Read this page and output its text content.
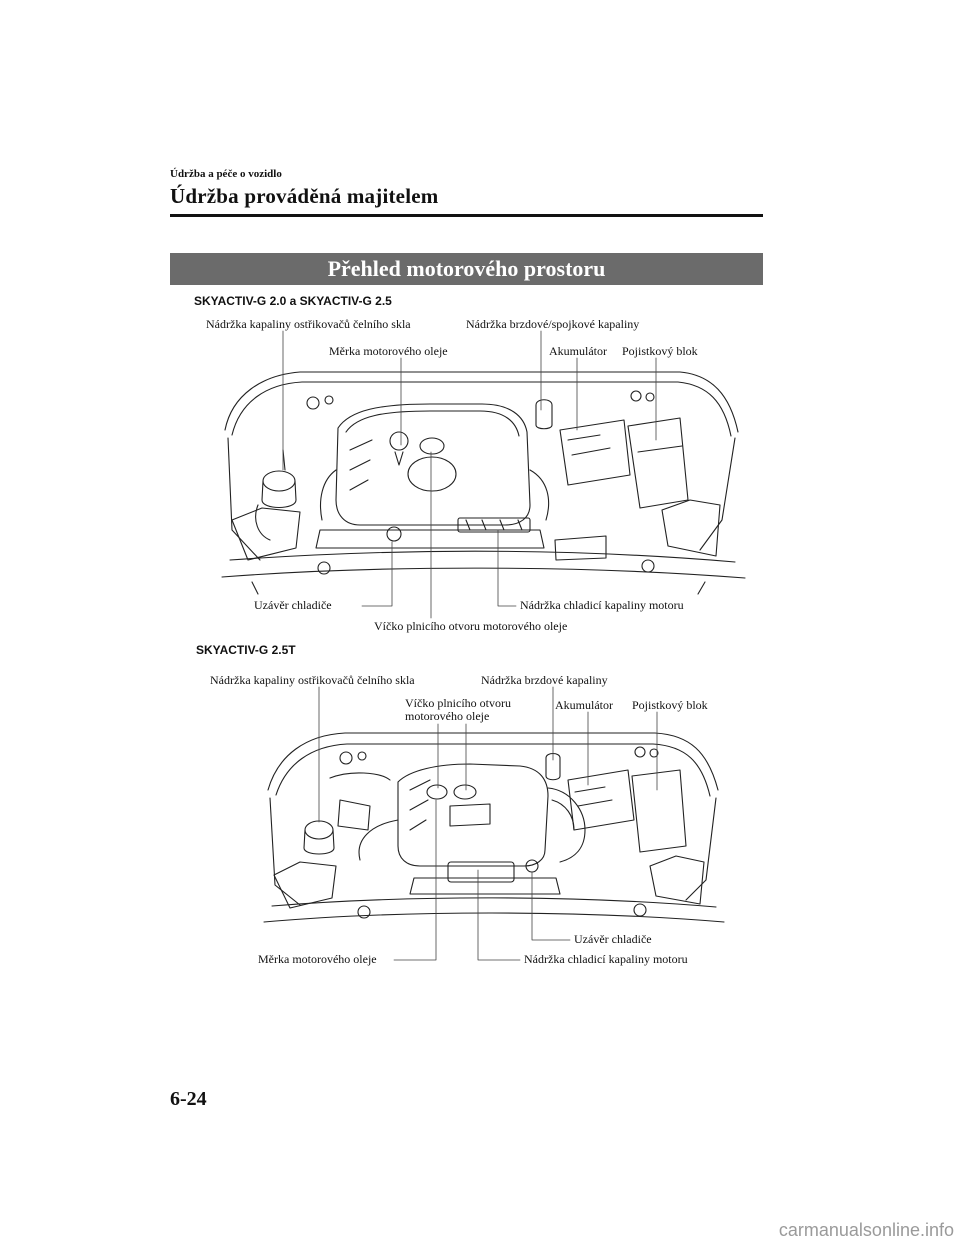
Údržba a péče o vozidlo
Údržba prováděná majitelem
Přehled motorového prostoru
SKYACTIV-G 2.0 a SKYACTIV-G 2.5
Nádržka kapaliny ostřikovačů čelního skla	Nádržka brzdové/spojkové kapaliny
Měrka motorového oleje	Akumulátor Pojistkový blok
Uzávěr chladiče	Nádržka chladicí kapaliny motoru
Víčko plnicího otvoru motorového oleje
SKYACTIV-G 2.5T
Nádržka kapaliny ostřikovačů čelního skla	Nádržka brzdové kapaliny
Víčko plnicího otvoru
motorového oleje
Akumulátor Pojistkový blok
Uzávěr chladiče
Měrka motorového oleje	Nádržka chladicí kapaliny motoru
6-24
carmanualsonline.info
